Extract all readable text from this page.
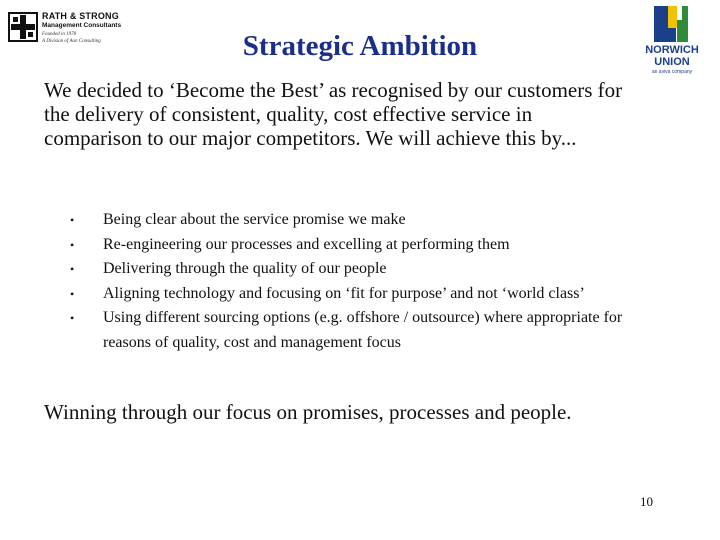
RATH & STRONG
Management Consultants
Founded in 1978
A Division of Aon Consulting
NORWICH
UNION
an aviva company
Strategic Ambition
We decided to ‘Become the Best’ as recognised by our customers for the delivery of consistent, quality, cost effective service in comparison to our major competitors. We will achieve this by...
• Being clear about the service promise we make
• Re-engineering our processes and excelling at performing them
• Delivering through the quality of our people
• Aligning technology and focusing on ‘fit for purpose’ and not ‘world class’
• Using different sourcing options (e.g. offshore / outsource) where appropriate for reasons of quality, cost and management focus
Winning through our focus on promises, processes and people.
10
